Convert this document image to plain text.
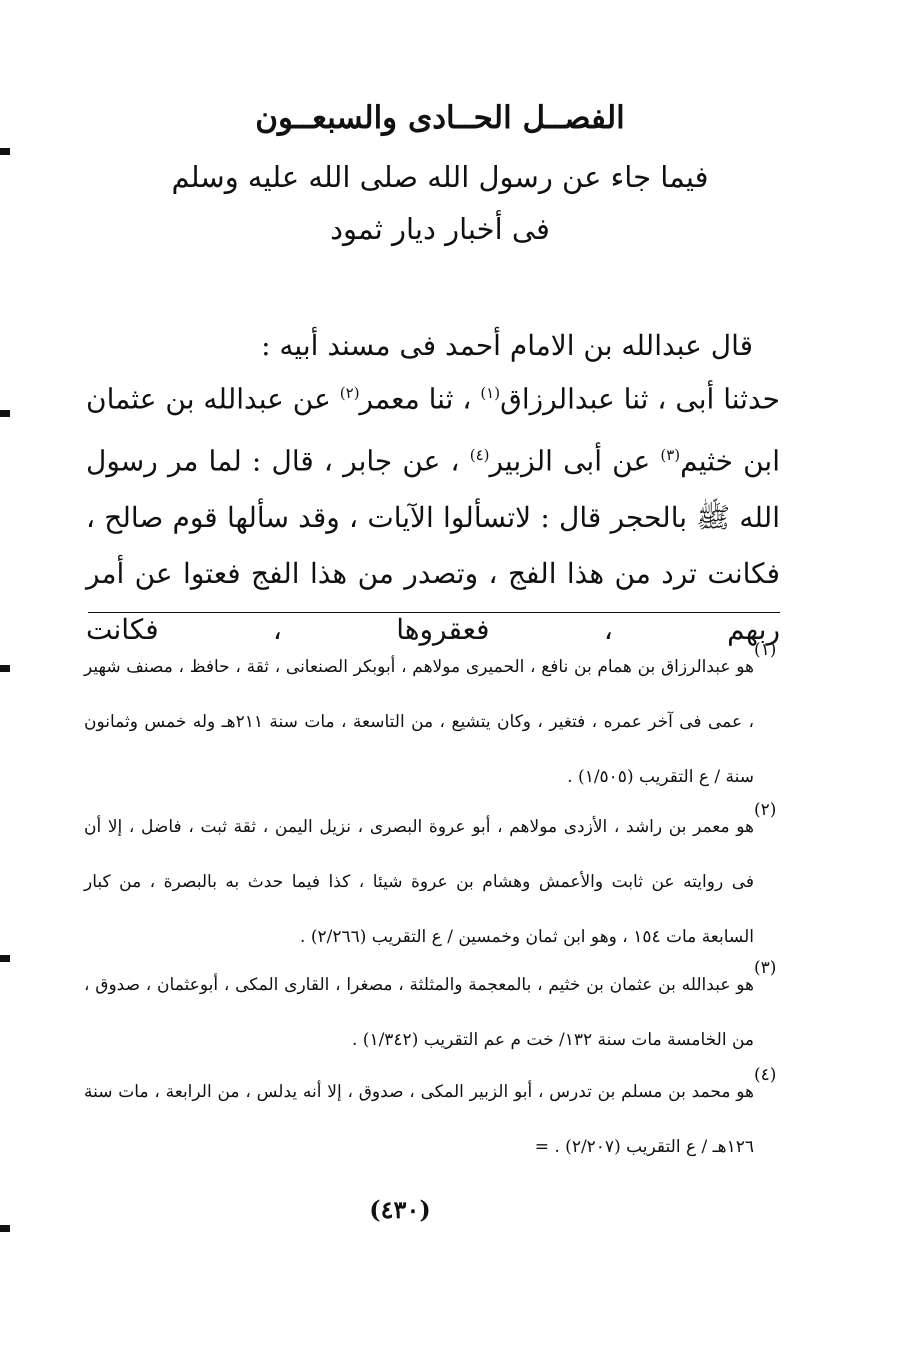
الفصــل الحــادى والسبعــون
فيما جاء عن رسول الله صلى الله عليه وسلم
فى أخبار ديار ثمود
قال عبدالله بن الامام أحمد فى مسند أبيه :
حدثنا أبى ، ثنا عبدالرزاق$^{(١)}$ ، ثنا معمر$^{(٢)}$ عن عبدالله بن عثمان ابن خثيم$^{(٣)}$ عن أبى الزبير$^{(٤)}$ ، عن جابر ، قال : لما مر رسول الله ﷺ بالحجر قال : لاتسألوا الآيات ، وقد سألها قوم صالح ، فكانت ترد من هذا الفج ، وتصدر من هذا الفج فعتوا عن أمر ربهم ، فعقروها ، فكانت
(١)
هو عبدالرزاق بن همام بن نافع ، الحميرى مولاهم ، أبوبكر الصنعانى ، ثقة ، حافظ ، مصنف شهير ، عمى فى آخر عمره ، فتغير ، وكان يتشيع ، من التاسعة ، مات سنة ٢١١هـ وله خمس وثمانون سنة / ع التقريب (١/٥٠٥) .
(٢)
هو معمر بن راشد ، الأزدى مولاهم ، أبو عروة البصرى ، نزيل اليمن ، ثقة ثبت ، فاضل ، إلا أن فى روايته عن ثابت والأعمش وهشام بن عروة شيئا ، كذا فيما حدث به بالبصرة ، من كبار السابعة مات ١٥٤ ، وهو ابن ثمان وخمسين / ع التقريب (٢/٢٦٦) .
(٣)
هو عبدالله بن عثمان بن خثيم ، بالمعجمة والمثلثة ، مصغرا ، القارى المكى ، أبوعثمان ، صدوق ، من الخامسة مات سنة ١٣٢/ خت م عم التقريب (١/٣٤٢) .
(٤)
هو محمد بن مسلم بن تدرس ، أبو الزبير المكى ، صدوق ، إلا أنه يدلس ، من الرابعة ، مات سنة ١٢٦هـ / ع التقريب (٢/٢٠٧) . =
(٤٣٠)
